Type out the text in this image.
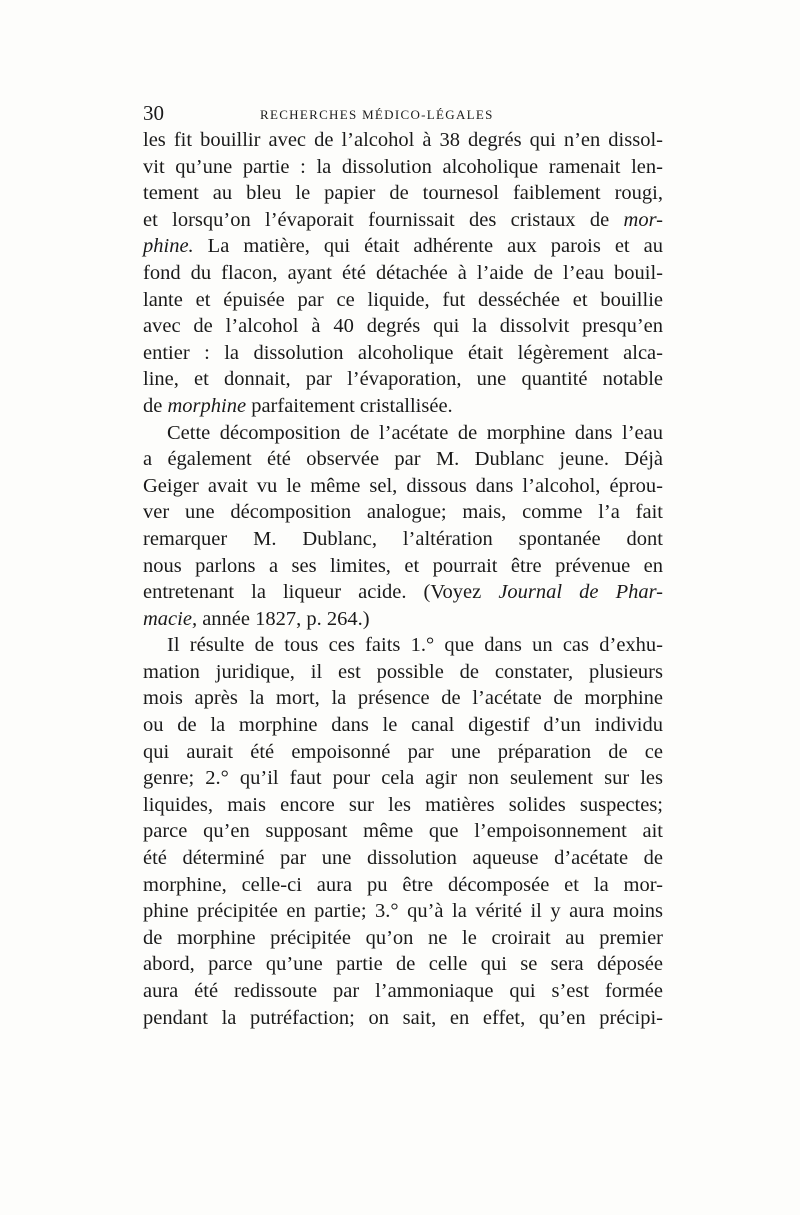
30	RECHERCHES MÉDICO-LÉGALES
les fit bouillir avec de l’alcohol à 38 degrés qui n’en dissol-
vit qu’une partie : la dissolution alcoholique ramenait len-
tement au bleu le papier de tournesol faiblement rougi,
et lorsqu’on l’évaporait fournissait des cristaux de mor-
phine. La matière, qui était adhérente aux parois et au
fond du flacon, ayant été détachée à l’aide de l’eau bouil-
lante et épuisée par ce liquide, fut desséchée et bouillie
avec de l’alcohol à 40 degrés qui la dissolvit presqu’en
entier : la dissolution alcoholique était légèrement alca-
line, et donnait, par l’évaporation, une quantité notable
de morphine parfaitement cristallisée.
Cette décomposition de l’acétate de morphine dans l’eau
a également été observée par M. Dublanc jeune. Déjà
Geiger avait vu le même sel, dissous dans l’alcohol, éprou-
ver une décomposition analogue; mais, comme l’a fait
remarquer M. Dublanc, l’altération spontanée dont
nous parlons a ses limites, et pourrait être prévenue en
entretenant la liqueur acide. (Voyez Journal de Phar-
macie, année 1827, p. 264.)
Il résulte de tous ces faits 1.° que dans un cas d’exhu-
mation juridique, il est possible de constater, plusieurs
mois après la mort, la présence de l’acétate de morphine
ou de la morphine dans le canal digestif d’un individu
qui aurait été empoisonné par une préparation de ce
genre; 2.° qu’il faut pour cela agir non seulement sur les
liquides, mais encore sur les matières solides suspectes;
parce qu’en supposant même que l’empoisonnement ait
été déterminé par une dissolution aqueuse d’acétate de
morphine, celle-ci aura pu être décomposée et la mor-
phine précipitée en partie; 3.° qu’à la vérité il y aura moins
de morphine précipitée qu’on ne le croirait au premier
abord, parce qu’une partie de celle qui se sera déposée
aura été redissoute par l’ammoniaque qui s’est formée
pendant la putréfaction; on sait, en effet, qu’en précipi-
